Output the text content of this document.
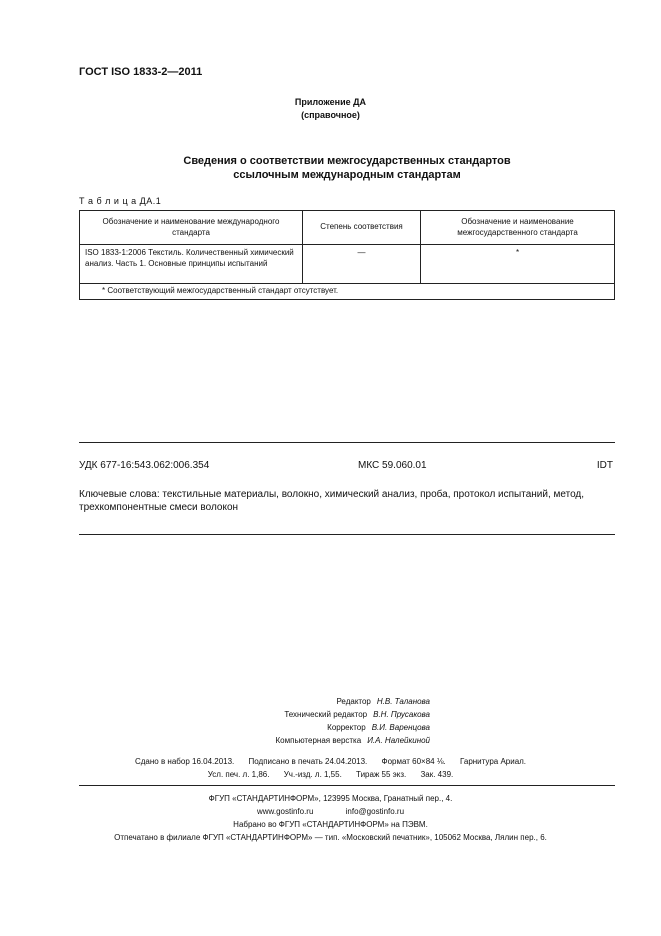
ГОСТ ISO 1833-2—2011
Приложение ДА
(справочное)
Сведения о соответствии межгосударственных стандартов
ссылочным международным стандартам
Т а б л и ц а ДА.1
Обозначение и наименование международного стандарта	Степень соответствия	Обозначение и наименование межгосударственного стандарта
ISO 1833-1:2006 Текстиль. Количественный химический анализ. Часть 1. Основные принципы испытаний	—	*
* Соответствующий межгосударственный стандарт отсутствует.		
УДК 677-16:543.062:006.354	МКС 59.060.01	IDT
Ключевые слова: текстильные материалы, волокно, химический анализ, проба, протокол испытаний, метод, трехкомпонентные смеси волокон
Редактор Н.В. Таланова
Технический редактор В.Н. Прусакова
Корректор В.И. Варенцова
Компьютерная верстка И.А. Налейкиной
Сдано в набор 16.04.2013. Подписано в печать 24.04.2013. Формат 60×84 ⅛. Гарнитура Ариал.
Усл. печ. л. 1,86. Уч.-изд. л. 1,55. Тираж 55 экз. Зак. 439.
ФГУП «СТАНДАРТИНФОРМ», 123995 Москва, Гранатный пер., 4.
www.gostinfo.ru	info@gostinfo.ru
Набрано во ФГУП «СТАНДАРТИНФОРМ» на ПЭВМ.
Отпечатано в филиале ФГУП «СТАНДАРТИНФОРМ» — тип. «Московский печатник», 105062 Москва, Лялин пер., 6.
